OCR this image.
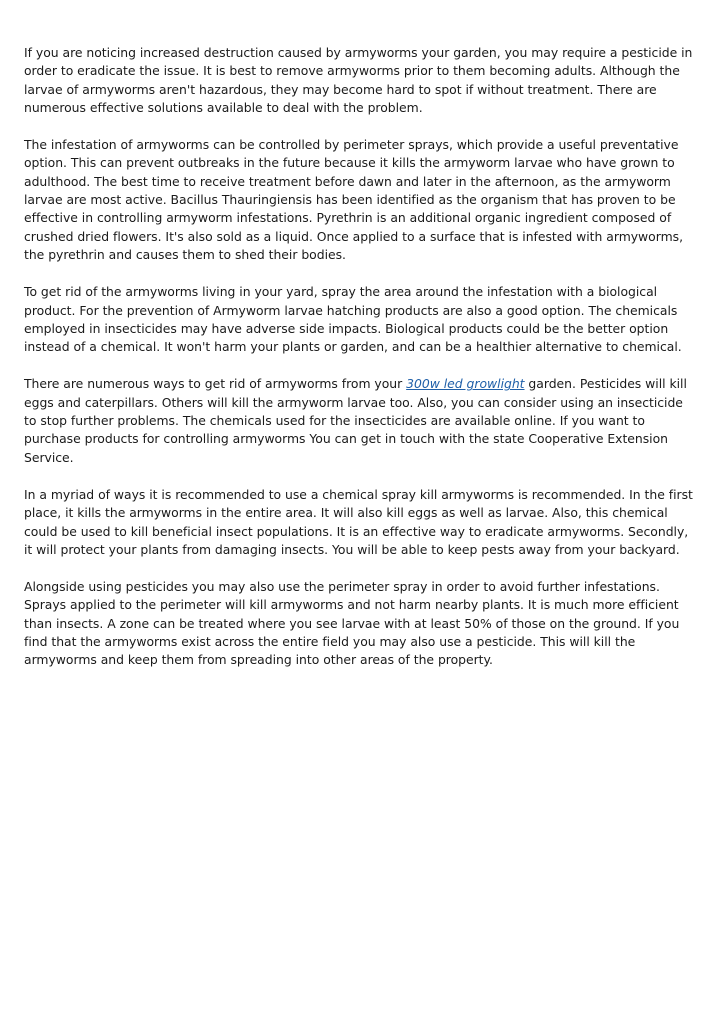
If you are noticing increased destruction caused by armyworms your garden, you may require a pesticide in order to eradicate the issue. It is best to remove armyworms prior to them becoming adults. Although the larvae of armyworms aren't hazardous, they may become hard to spot if without treatment. There are numerous effective solutions available to deal with the problem.

The infestation of armyworms can be controlled by perimeter sprays, which provide a useful preventative option. This can prevent outbreaks in the future because it kills the armyworm larvae who have grown to adulthood. The best time to receive treatment before dawn and later in the afternoon, as the armyworm larvae are most active. Bacillus Thauringiensis has been identified as the organism that has proven to be effective in controlling armyworm infestations. Pyrethrin is an additional organic ingredient composed of crushed dried flowers. It's also sold as a liquid. Once applied to a surface that is infested with armyworms, the pyrethrin and causes them to shed their bodies.

To get rid of the armyworms living in your yard, spray the area around the infestation with a biological product. For the prevention of Armyworm larvae hatching products are also a good option. The chemicals employed in insecticides may have adverse side impacts. Biological products could be the better option instead of a chemical. It won't harm your plants or garden, and can be a healthier alternative to chemical.

There are numerous ways to get rid of armyworms from your 300w led growlight garden. Pesticides will kill eggs and caterpillars. Others will kill the armyworm larvae too. Also, you can consider using an insecticide to stop further problems. The chemicals used for the insecticides are available online. If you want to purchase products for controlling armyworms You can get in touch with the state Cooperative Extension Service.

In a myriad of ways it is recommended to use a chemical spray kill armyworms is recommended. In the first place, it kills the armyworms in the entire area. It will also kill eggs as well as larvae. Also, this chemical could be used to kill beneficial insect populations. It is an effective way to eradicate armyworms. Secondly, it will protect your plants from damaging insects. You will be able to keep pests away from your backyard.

Alongside using pesticides you may also use the perimeter spray in order to avoid further infestations. Sprays applied to the perimeter will kill armyworms and not harm nearby plants. It is much more efficient than insects. A zone can be treated where you see larvae with at least 50% of those on the ground. If you find that the armyworms exist across the entire field you may also use a pesticide. This will kill the armyworms and keep them from spreading into other areas of the property.
